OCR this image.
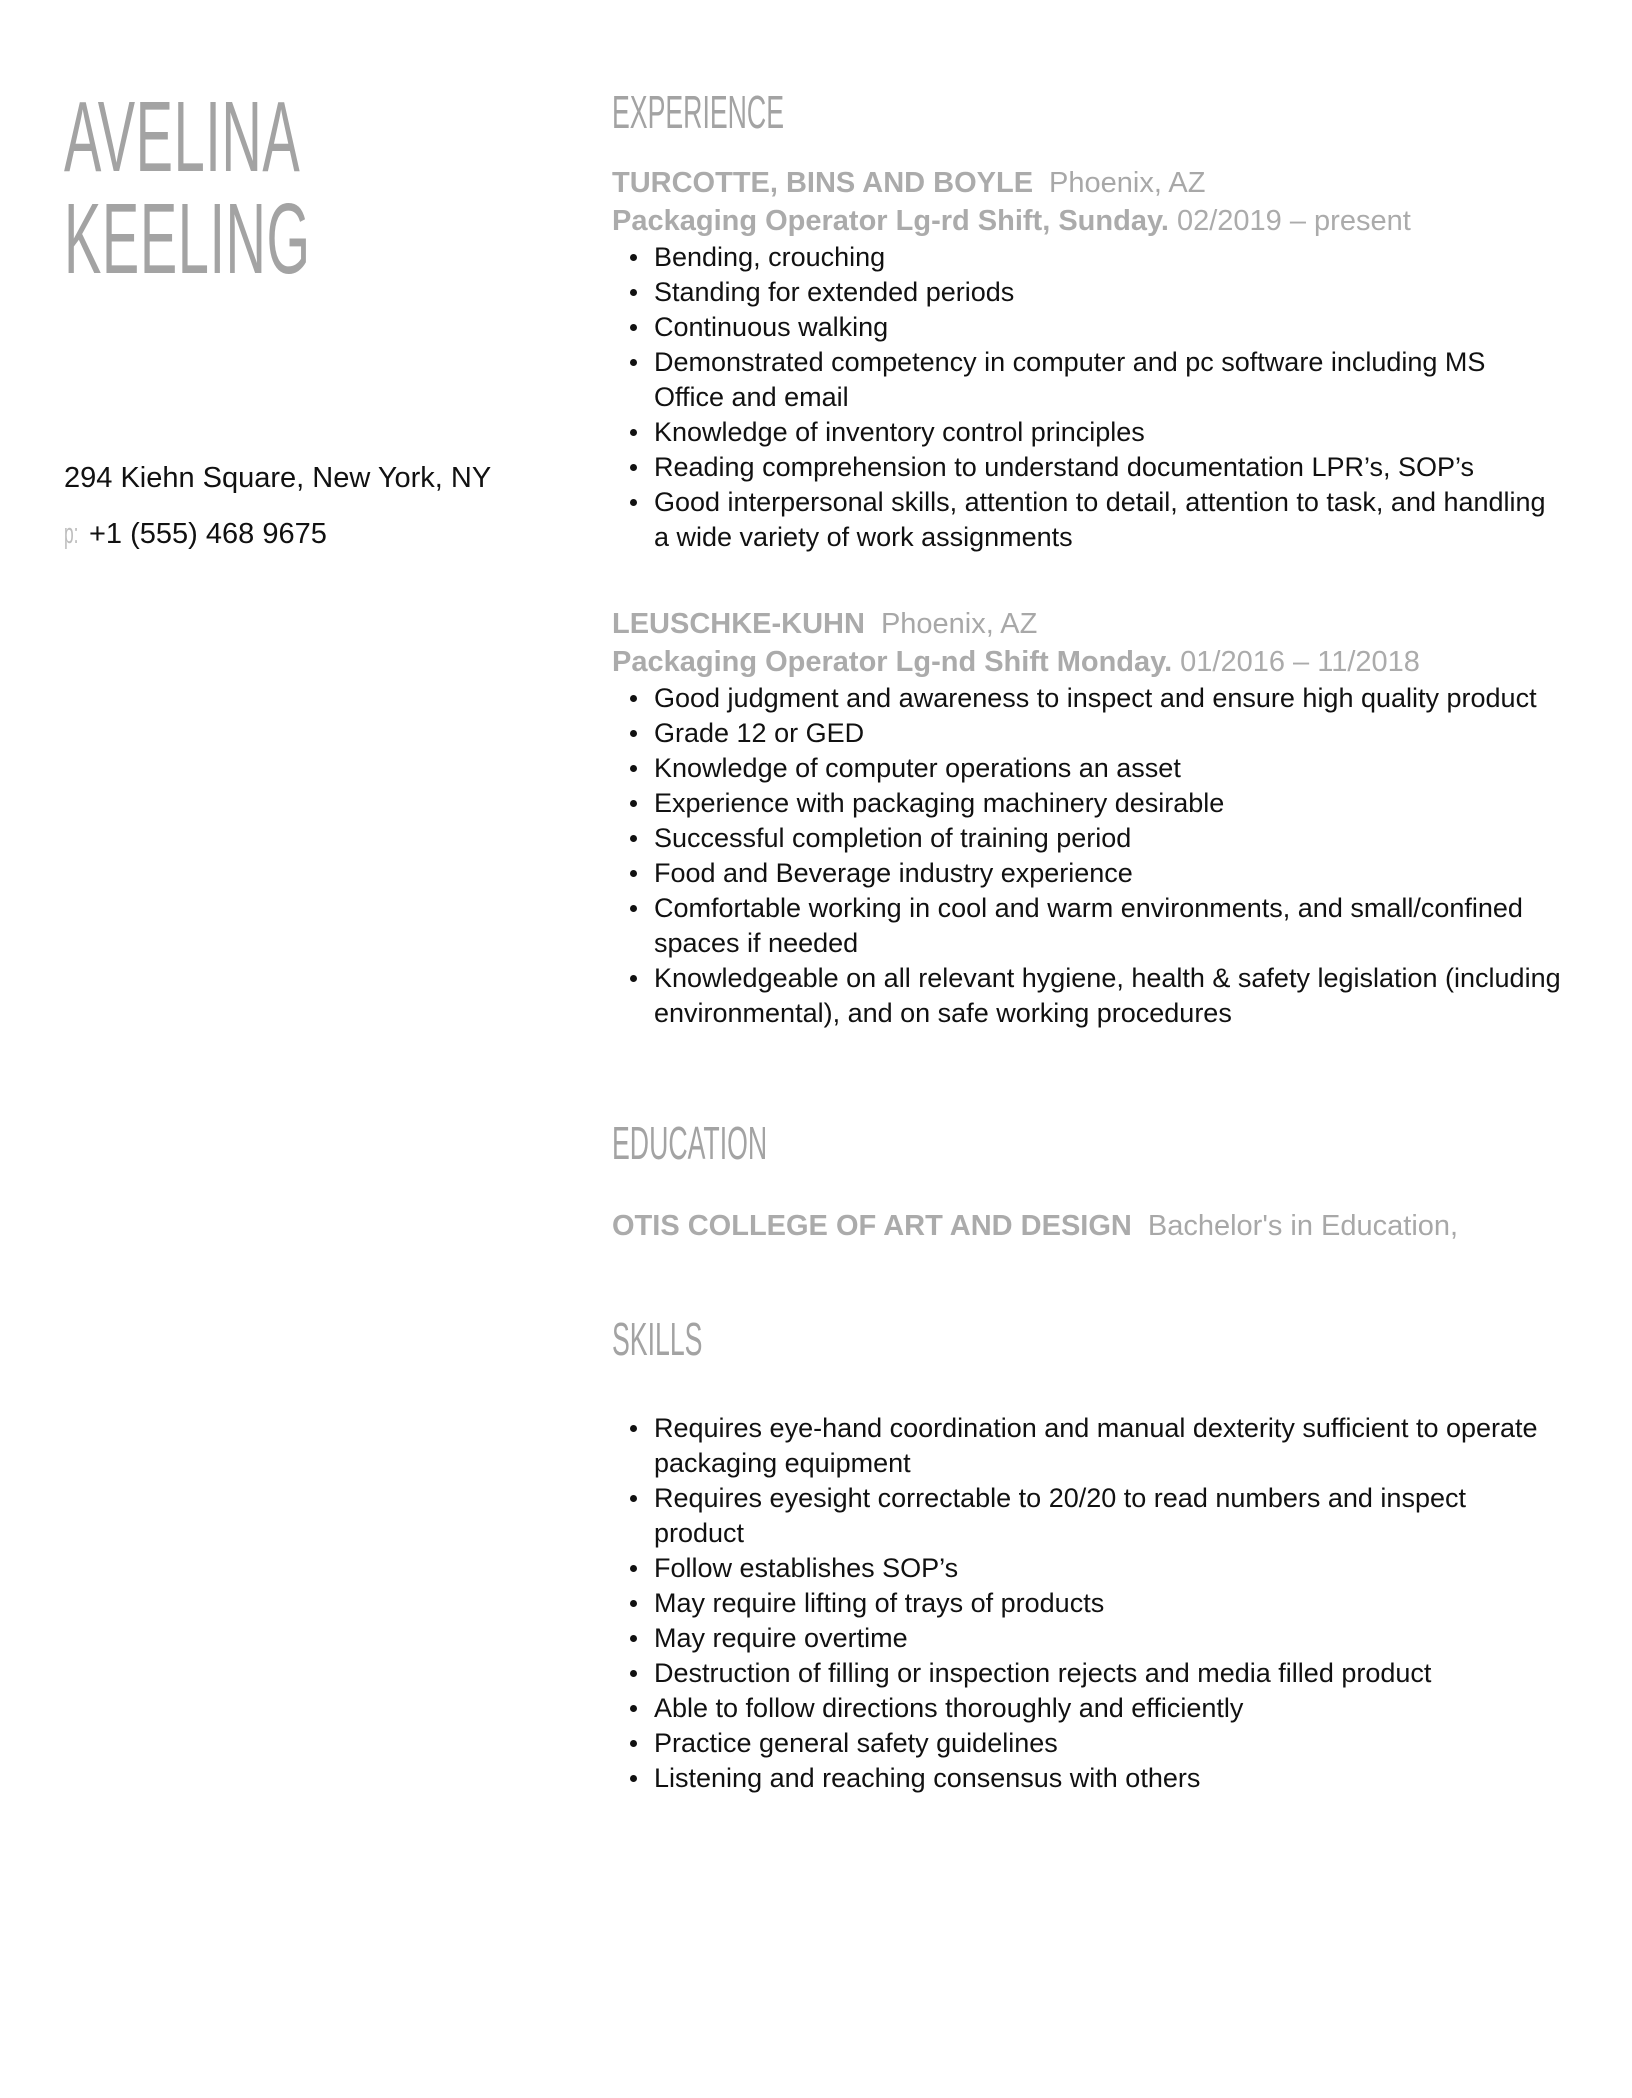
AVELINA
KEELING
294 Kiehn Square, New York, NY
p: +1 (555) 468 9675
EXPERIENCE
TURCOTTE, BINS AND BOYLE Phoenix, AZ
Packaging Operator Lg-rd Shift, Sunday. 02/2019 – present
Bending, crouching
Standing for extended periods
Continuous walking
Demonstrated competency in computer and pc software including MS Office and email
Knowledge of inventory control principles
Reading comprehension to understand documentation LPR’s, SOP’s
Good interpersonal skills, attention to detail, attention to task, and handling a wide variety of work assignments
LEUSCHKE-KUHN Phoenix, AZ
Packaging Operator Lg-nd Shift Monday. 01/2016 – 11/2018
Good judgment and awareness to inspect and ensure high quality product
Grade 12 or GED
Knowledge of computer operations an asset
Experience with packaging machinery desirable
Successful completion of training period
Food and Beverage industry experience
Comfortable working in cool and warm environments, and small/confined spaces if needed
Knowledgeable on all relevant hygiene, health & safety legislation (including environmental), and on safe working procedures
EDUCATION
OTIS COLLEGE OF ART AND DESIGN Bachelor's in Education,
SKILLS
Requires eye-hand coordination and manual dexterity sufficient to operate packaging equipment
Requires eyesight correctable to 20/20 to read numbers and inspect product
Follow establishes SOP’s
May require lifting of trays of products
May require overtime
Destruction of filling or inspection rejects and media filled product
Able to follow directions thoroughly and efficiently
Practice general safety guidelines
Listening and reaching consensus with others
